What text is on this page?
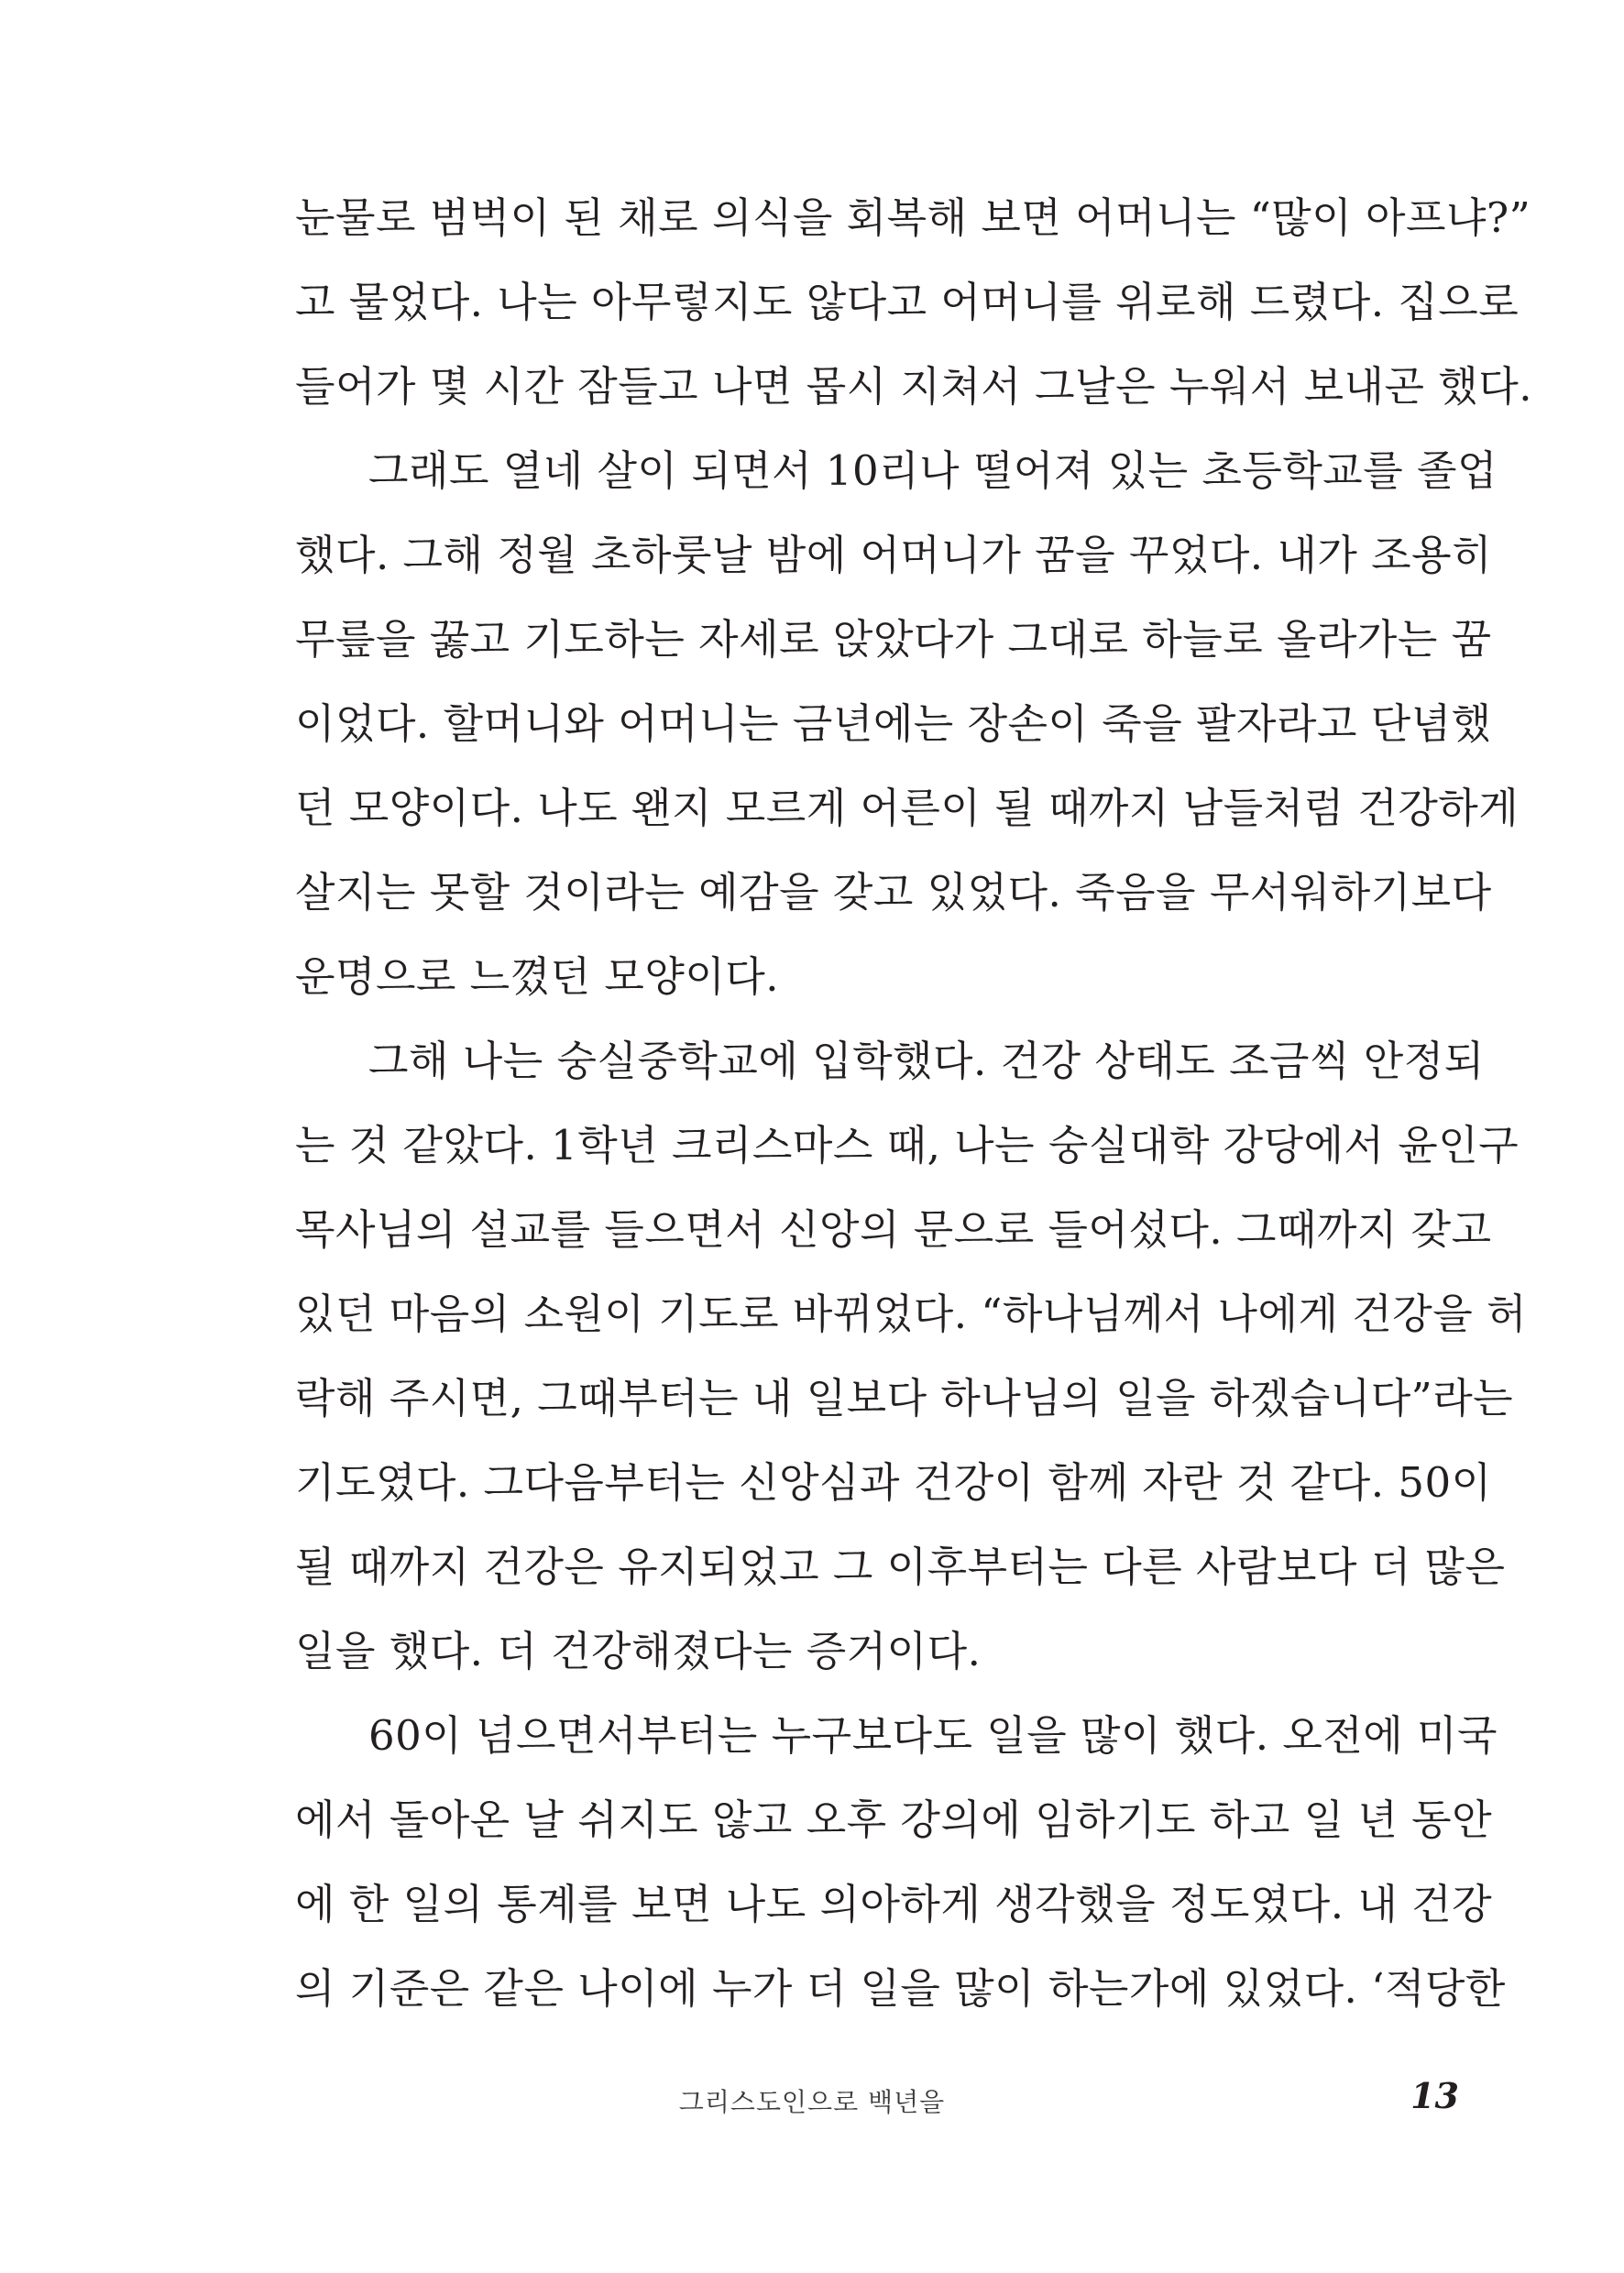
눈물로 범벅이 된 채로 의식을 회복해 보면 어머니는 “많이 아프냐?”
고 물었다. 나는 아무렇지도 않다고 어머니를 위로해 드렸다. 집으로
들어가 몇 시간 잠들고 나면 몹시 지쳐서 그날은 누워서 보내곤 했다.
그래도 열네 살이 되면서 10리나 떨어져 있는 초등학교를 졸업
했다. 그해 정월 초하룻날 밤에 어머니가 꿈을 꾸었다. 내가 조용히
무릎을 꿇고 기도하는 자세로 앉았다가 그대로 하늘로 올라가는 꿈
이었다. 할머니와 어머니는 금년에는 장손이 죽을 팔자라고 단념했
던 모양이다. 나도 왠지 모르게 어른이 될 때까지 남들처럼 건강하게
살지는 못할 것이라는 예감을 갖고 있었다. 죽음을 무서워하기보다
운명으로 느꼈던 모양이다.
그해 나는 숭실중학교에 입학했다. 건강 상태도 조금씩 안정되
는 것 같았다. 1학년 크리스마스 때, 나는 숭실대학 강당에서 윤인구
목사님의 설교를 들으면서 신앙의 문으로 들어섰다. 그때까지 갖고
있던 마음의 소원이 기도로 바뀌었다. “하나님께서 나에게 건강을 허
락해 주시면, 그때부터는 내 일보다 하나님의 일을 하겠습니다”라는
기도였다. 그다음부터는 신앙심과 건강이 함께 자란 것 같다. 50이
될 때까지 건강은 유지되었고 그 이후부터는 다른 사람보다 더 많은
일을 했다. 더 건강해졌다는 증거이다.
60이 넘으면서부터는 누구보다도 일을 많이 했다. 오전에 미국
에서 돌아온 날 쉬지도 않고 오후 강의에 임하기도 하고 일 년 동안
에 한 일의 통계를 보면 나도 의아하게 생각했을 정도였다. 내 건강
의 기준은 같은 나이에 누가 더 일을 많이 하는가에 있었다. ‘적당한
그리스도인으로 백년을	13
